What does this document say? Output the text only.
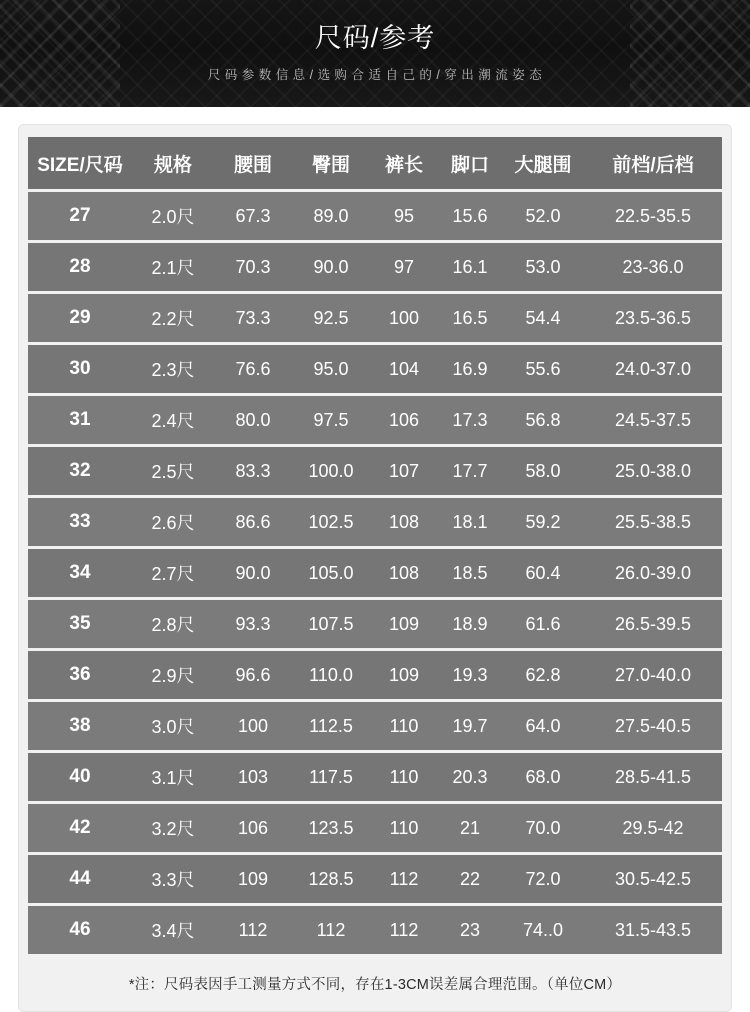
尺码/参考
尺 码 参 数 信 息 / 选 购 合 适 自 己 的 / 穿 出 潮 流 姿 态
SIZE/尺码	规格	腰围	臀围	裤长	脚口	大腿围	前档/后档
27	2.0尺	67.3	89.0	95	15.6	52.0	22.5-35.5
28	2.1尺	70.3	90.0	97	16.1	53.0	23-36.0
29	2.2尺	73.3	92.5	100	16.5	54.4	23.5-36.5
30	2.3尺	76.6	95.0	104	16.9	55.6	24.0-37.0
31	2.4尺	80.0	97.5	106	17.3	56.8	24.5-37.5
32	2.5尺	83.3	100.0	107	17.7	58.0	25.0-38.0
33	2.6尺	86.6	102.5	108	18.1	59.2	25.5-38.5
34	2.7尺	90.0	105.0	108	18.5	60.4	26.0-39.0
35	2.8尺	93.3	107.5	109	18.9	61.6	26.5-39.5
36	2.9尺	96.6	110.0	109	19.3	62.8	27.0-40.0
38	3.0尺	100	112.5	110	19.7	64.0	27.5-40.5
40	3.1尺	103	117.5	110	20.3	68.0	28.5-41.5
42	3.2尺	106	123.5	110	21	70.0	29.5-42
44	3.3尺	109	128.5	112	22	72.0	30.5-42.5
46	3.4尺	112	112	112	23	74..0	31.5-43.5
*注：尺码表因手工测量方式不同，存在1-3CM误差属合理范围。（单位CM）
